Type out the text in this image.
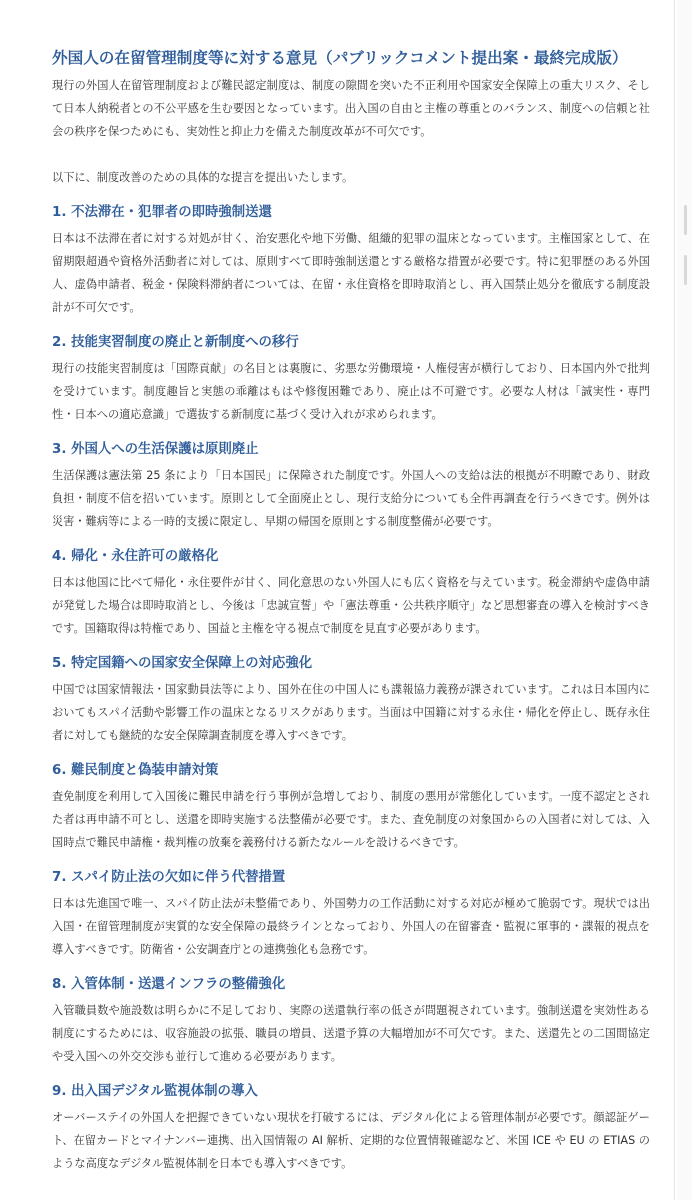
外国人の在留管理制度等に対する意見（パブリックコメント提出案・最終完成版）

現行の外国人在留管理制度および難民認定制度は、制度の隙間を突いた不正利用や国家安全保障上の重大リスク、そして日本人納税者との不公平感を生む要因となっています。出入国の自由と主権の尊重とのバランス、制度への信頼と社会の秩序を保つためにも、実効性と抑止力を備えた制度改革が不可欠です。

以下に、制度改善のための具体的な提言を提出いたします。

1. 不法滞在・犯罪者の即時強制送還

日本は不法滞在者に対する対処が甘く、治安悪化や地下労働、組織的犯罪の温床となっています。主権国家として、在留期限超過や資格外活動者に対しては、原則すべて即時強制送還とする厳格な措置が必要です。特に犯罪歴のある外国人、虚偽申請者、税金・保険料滞納者については、在留・永住資格を即時取消とし、再入国禁止処分を徹底する制度設計が不可欠です。

2. 技能実習制度の廃止と新制度への移行

現行の技能実習制度は「国際貢献」の名目とは裏腹に、劣悪な労働環境・人権侵害が横行しており、日本国内外で批判を受けています。制度趣旨と実態の乖離はもはや修復困難であり、廃止は不可避です。必要な人材は「誠実性・専門性・日本への適応意識」で選抜する新制度に基づく受け入れが求められます。

3. 外国人への生活保護は原則廃止

生活保護は憲法第 25 条により「日本国民」に保障された制度です。外国人への支給は法的根拠が不明瞭であり、財政負担・制度不信を招いています。原則として全面廃止とし、現行支給分についても全件再調査を行うべきです。例外は災害・難病等による一時的支援に限定し、早期の帰国を原則とする制度整備が必要です。

4. 帰化・永住許可の厳格化

日本は他国に比べて帰化・永住要件が甘く、同化意思のない外国人にも広く資格を与えています。税金滞納や虚偽申請が発覚した場合は即時取消とし、今後は「忠誠宣誓」や「憲法尊重・公共秩序順守」など思想審査の導入を検討すべきです。国籍取得は特権であり、国益と主権を守る視点で制度を見直す必要があります。

5. 特定国籍への国家安全保障上の対応強化

中国では国家情報法・国家動員法等により、国外在住の中国人にも諜報協力義務が課されています。これは日本国内においてもスパイ活動や影響工作の温床となるリスクがあります。当面は中国籍に対する永住・帰化を停止し、既存永住者に対しても継続的な安全保障調査制度を導入すべきです。

6. 難民制度と偽装申請対策

査免制度を利用して入国後に難民申請を行う事例が急増しており、制度の悪用が常態化しています。一度不認定とされた者は再申請不可とし、送還を即時実施する法整備が必要です。また、査免制度の対象国からの入国者に対しては、入国時点で難民申請権・裁判権の放棄を義務付ける新たなルールを設けるべきです。

7. スパイ防止法の欠如に伴う代替措置

日本は先進国で唯一、スパイ防止法が未整備であり、外国勢力の工作活動に対する対応が極めて脆弱です。現状では出入国・在留管理制度が実質的な安全保障の最終ラインとなっており、外国人の在留審査・監視に軍事的・諜報的視点を導入すべきです。防衛省・公安調査庁との連携強化も急務です。

8. 入管体制・送還インフラの整備強化

入管職員数や施設数は明らかに不足しており、実際の送還執行率の低さが問題視されています。強制送還を実効性ある制度にするためには、収容施設の拡張、職員の増員、送還予算の大幅増加が不可欠です。また、送還先との二国間協定や受入国への外交交渉も並行して進める必要があります。

9. 出入国デジタル監視体制の導入

オーバーステイの外国人を把握できていない現状を打破するには、デジタル化による管理体制が必要です。顔認証ゲート、在留カードとマイナンバー連携、出入国情報の AI 解析、定期的な位置情報確認など、米国 ICE や EU の ETIAS のような高度なデジタル監視体制を日本でも導入すべきです。
